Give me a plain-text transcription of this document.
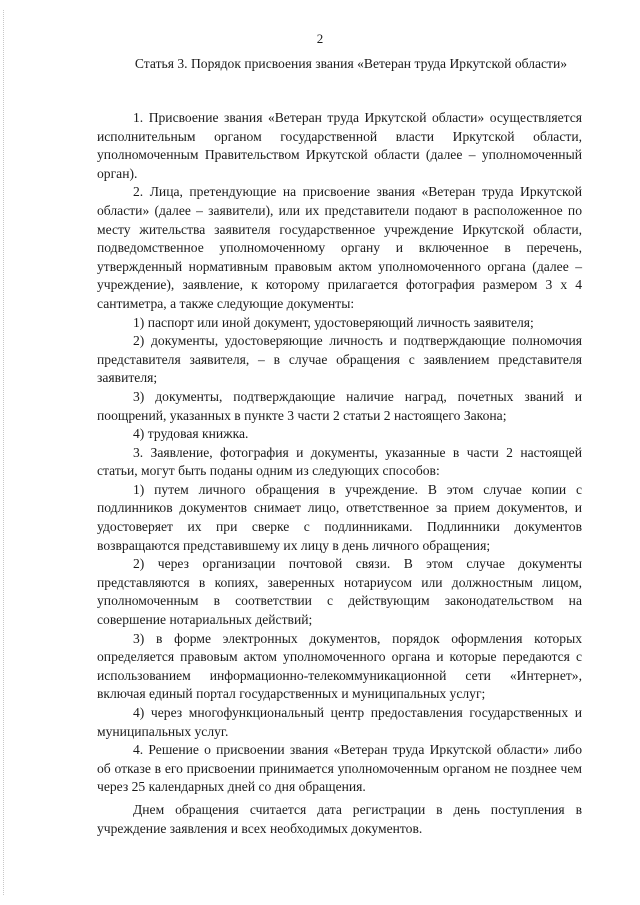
2
Статья 3. Порядок присвоения звания «Ветеран труда Иркутской области»

1. Присвоение звания «Ветеран труда Иркутской области» осуществляется исполнительным органом государственной власти Иркутской области, уполномоченным Правительством Иркутской области (далее – уполномоченный орган).

2. Лица, претендующие на присвоение звания «Ветеран труда Иркутской области» (далее – заявители), или их представители подают в расположенное по месту жительства заявителя государственное учреждение Иркутской области, подведомственное уполномоченному органу и включенное в перечень, утвержденный нормативным правовым актом уполномоченного органа (далее – учреждение), заявление, к которому прилагается фотография размером 3 х 4 сантиметра, а также следующие документы:

1) паспорт или иной документ, удостоверяющий личность заявителя;

2) документы, удостоверяющие личность и подтверждающие полномочия представителя заявителя, – в случае обращения с заявлением представителя заявителя;

3) документы, подтверждающие наличие наград, почетных званий и поощрений, указанных в пункте 3 части 2 статьи 2 настоящего Закона;

4) трудовая книжка.

3. Заявление, фотография и документы, указанные в части 2 настоящей статьи, могут быть поданы одним из следующих способов:

1) путем личного обращения в учреждение. В этом случае копии с подлинников документов снимает лицо, ответственное за прием документов, и удостоверяет их при сверке с подлинниками. Подлинники документов возвращаются представившему их лицу в день личного обращения;

2) через организации почтовой связи. В этом случае документы представляются в копиях, заверенных нотариусом или должностным лицом, уполномоченным в соответствии с действующим законодательством на совершение нотариальных действий;

3) в форме электронных документов, порядок оформления которых определяется правовым актом уполномоченного органа и которые передаются с использованием информационно-телекоммуникационной сети «Интернет», включая единый портал государственных и муниципальных услуг;

4) через многофункциональный центр предоставления государственных и муниципальных услуг.

4. Решение о присвоении звания «Ветеран труда Иркутской области» либо об отказе в его присвоении принимается уполномоченным органом не позднее чем через 25 календарных дней со дня обращения.

Днем обращения считается дата регистрации в день поступления в учреждение заявления и всех необходимых документов.
